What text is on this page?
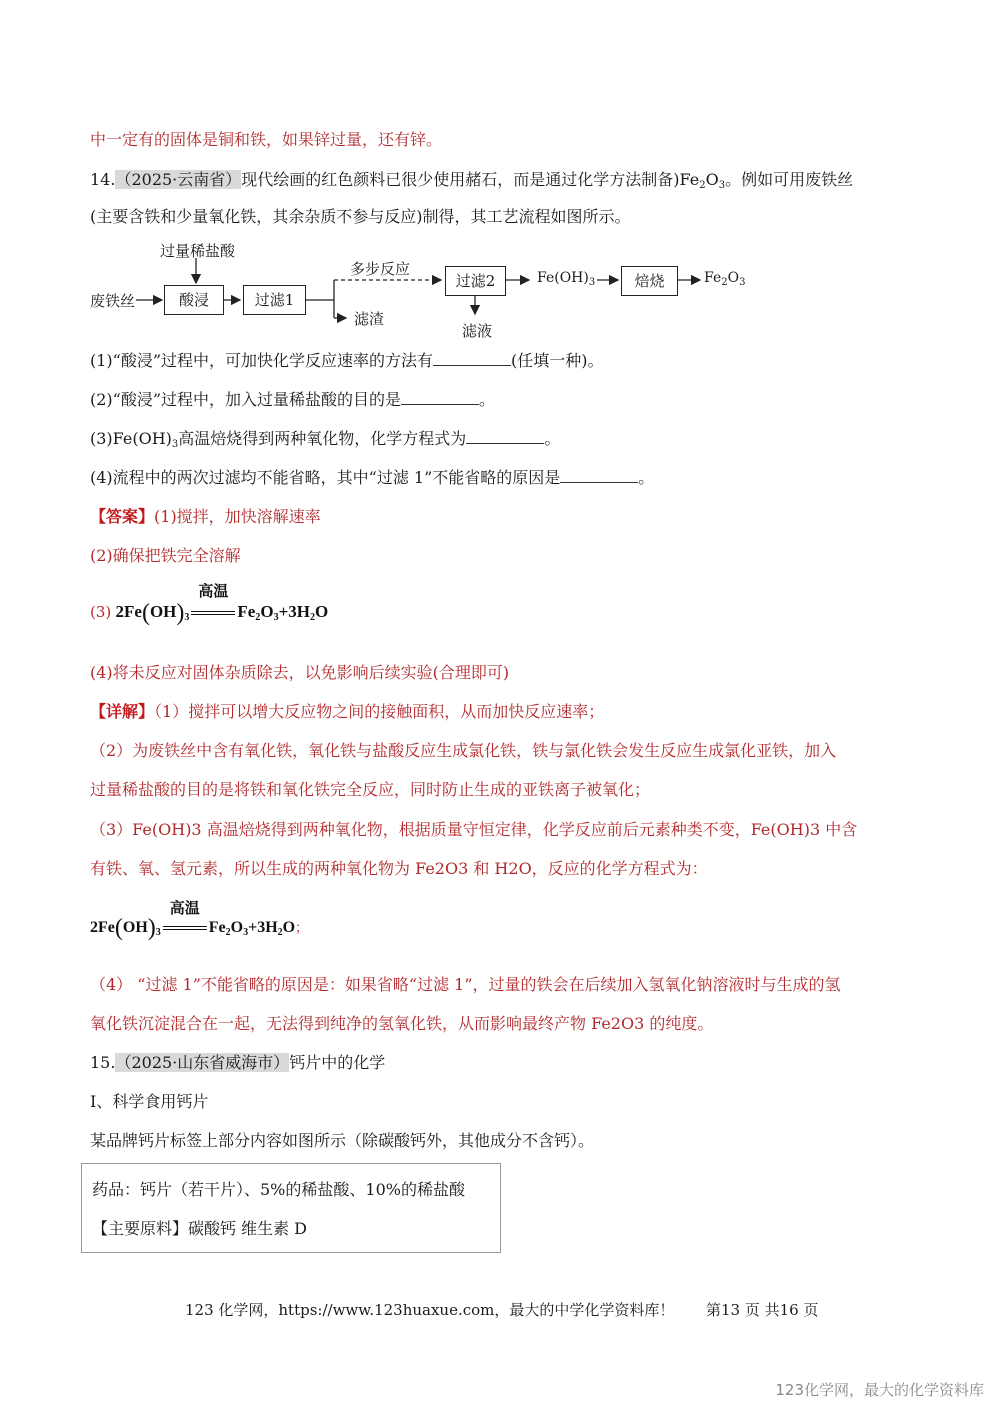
中一定有的固体是铜和铁，如果锌过量，还有锌。
14.（2025·云南省）现代绘画的红色颜料已很少使用赭石，而是通过化学方法制备)$Fe_2O_3$。例如可用废铁丝
(主要含铁和少量氧化铁，其余杂质不参与反应)制得，其工艺流程如图所示。
过量稀盐酸
废铁丝	酸浸	过滤1
多步反应
滤渣
过滤2
滤液
$Fe(OH)_3$	焙烧	$Fe_2O_3$
(1)“酸浸”过程中，可加快化学反应速率的方法有	(任填一种)。
(2)“酸浸”过程中，加入过量稀盐酸的目的是	。
$(3)Fe(OH)_3$高温焙烧得到两种氧化物，化学方程式为	。
(4)流程中的两次过滤均不能省略，其中“过滤 1”不能省略的原因是	。
【答案】(1)搅拌，加快溶解速率
(2)确保把铁完全溶解
(3) $2Fe(OH)_3$
高温
$Fe_2O_3+3H_2O$
(4)将未反应对固体杂质除去，以免影响后续实验(合理即可)
【详解】（1）搅拌可以增大反应物之间的接触面积，从而加快反应速率；
（2）为废铁丝中含有氧化铁，氧化铁与盐酸反应生成氯化铁，铁与氯化铁会发生反应生成氯化亚铁，加入
过量稀盐酸的目的是将铁和氧化铁完全反应，同时防止生成的亚铁离子被氧化；
（3）Fe(OH)3 高温焙烧得到两种氧化物，根据质量守恒定律，化学反应前后元素种类不变，Fe(OH)3 中含
有铁、氧、氢元素，所以生成的两种氧化物为 Fe2O3 和 H2O，反应的化学方程式为：
$2Fe(OH)_3$
高温
$Fe_2O_3+3H_2O$；
（4） “过滤 1”不能省略的原因是：如果省略“过滤 1”，过量的铁会在后续加入氢氧化钠溶液时与生成的氢
氧化铁沉淀混合在一起，无法得到纯净的氢氧化铁，从而影响最终产物 Fe2O3 的纯度。
15.（2025·山东省威海市）钙片中的化学
I、科学食用钙片
某品牌钙片标签上部分内容如图所示（除碳酸钙外，其他成分不含钙）。
药品：钙片（若干片）、5%的稀盐酸、10%的稀盐酸
【主要原料】碳酸钙 维生素 D
123 化学网，https://www.123huaxue.com，最大的中学化学资料库！ 第13 页 共16 页
123化学网，最大的化学资料库
